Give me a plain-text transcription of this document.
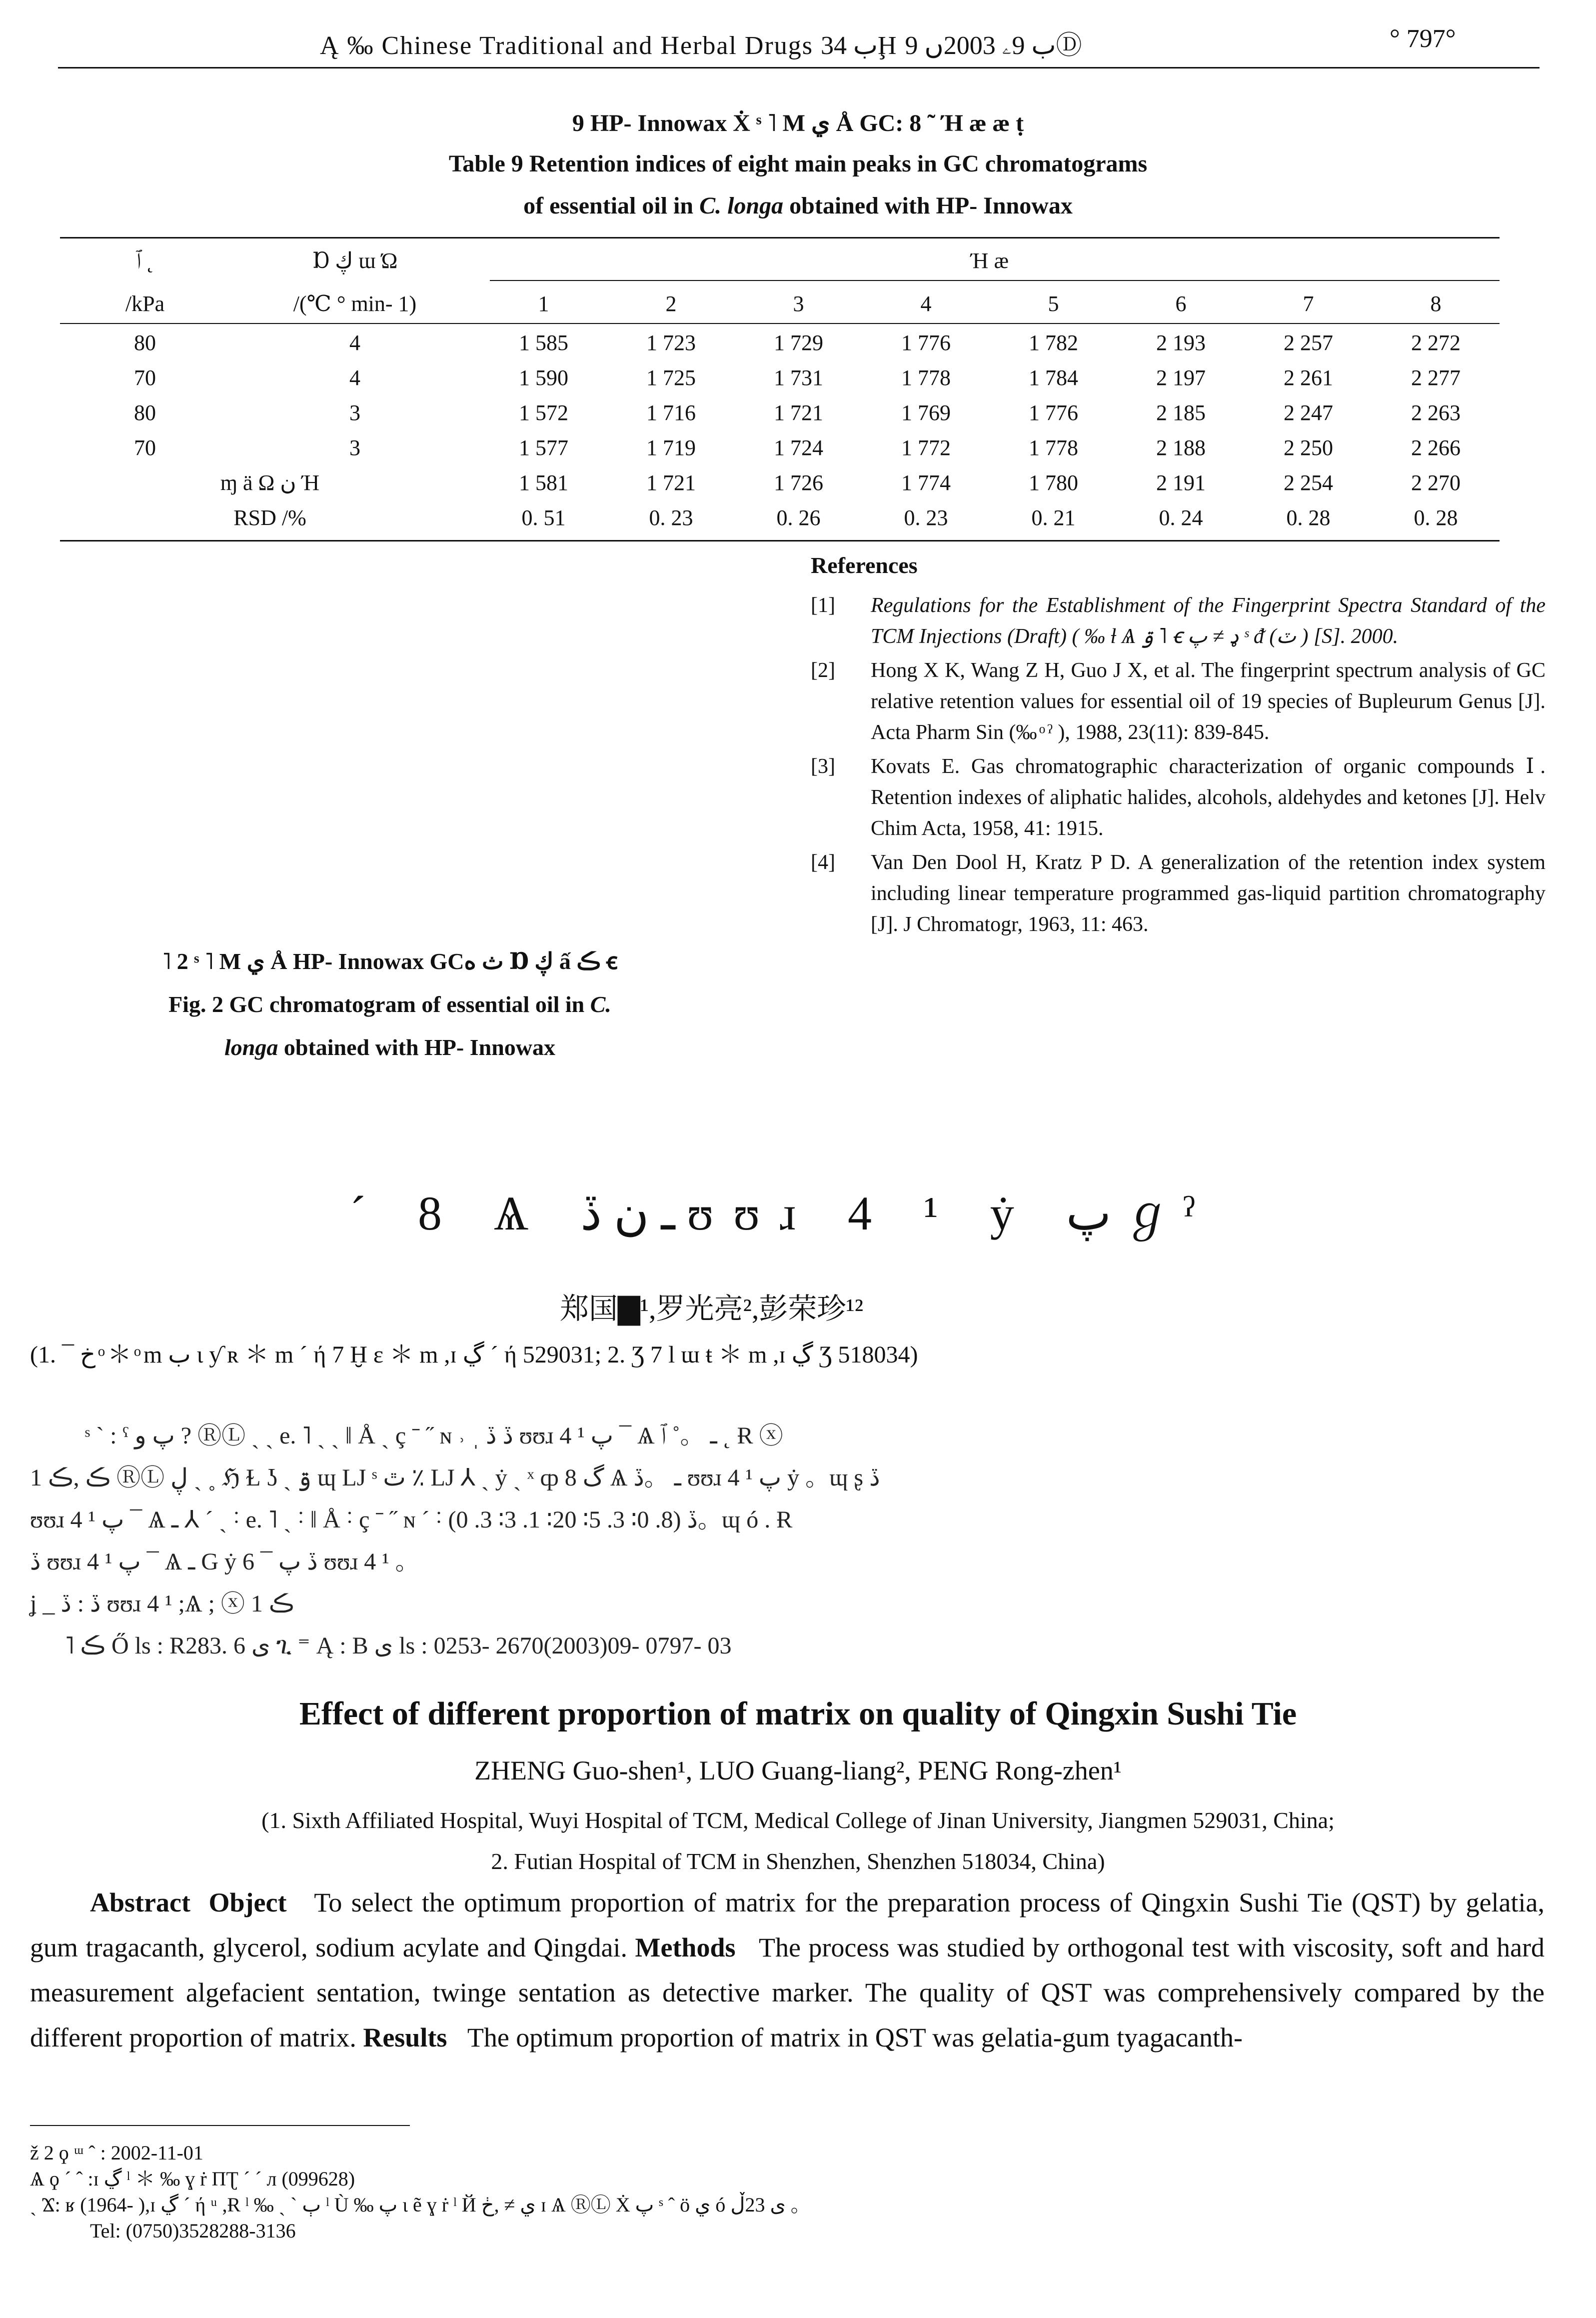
Ą ‰ Chinese Traditional and Herbal Drugs ب 34Ḩ ب 9ۦ 2003ں 9Ⓓ	° 797°
9 HP- Innowax Ẋ ˢ ˥ M ي Å GC: 8 ˜ Ή ӕ ӕ ṭ
Table 9 Retention indices of eight main peaks in GC chromatograms
of essential oil in C. longa obtained with HP- Innowax
ﭐ ˛	Ɒ ڮ ɯ Ώ	Ή ӕ							
/kPa	/(℃ ° min- 1)	1	2	3	4	5	6	7	8
80	4	1 585	1 723	1 729	1 776	1 782	2 193	2 257	2 272
70	4	1 590	1 725	1 731	1 778	1 784	2 197	2 261	2 277
80	3	1 572	1 716	1 721	1 769	1 776	2 185	2 247	2 263
70	3	1 577	1 719	1 724	1 772	1 778	2 188	2 250	2 266
ɱ ä Ω ن Ή		1 581	1 721	1 726	1 774	1 780	2 191	2 254	2 270
RSD /%		0. 51	0. 23	0. 26	0. 23	0. 21	0. 24	0. 28	0. 28
˥ 2 ˢ ˥ M ي Å HP- Innowax GCث ه Ɒ ڮ ấ ڪ ꞓ
Fig. 2 GC chromatogram of essential oil in C.
longa obtained with HP- Innowax
References
[1] Regulations for the Establishment of the Fingerprint Spectra Standard of the TCM Injections (Draft) ( ‰ ƚ Ѧ ۊ ˥ ꞓ ډ ≠ پ ˢ ᵭ (ٽ ) [S]. 2000.
[2] Hong X K, Wang Z H, Guo J X, et al. The fingerprint spectrum analysis of GC relative retention values for essential oil of 19 species of Bupleurum Genus [J]. Acta Pharm Sin (‰ ͦ ˀ ), 1988, 23(11): 839-845.
[3] Kovats E. Gas chromatographic characterization of organic compounds Ⅰ. Retention indexes of aliphatic halides, alcohols, aldehydes and ketones [J]. Helv Chim Acta, 1958, 41: 1915.
[4] Van Den Dool H, Kratz P D. A generalization of the retention index system including linear temperature programmed gas-liquid partition chromatography [J]. J Chromatogr, 1963, 11: 463.
ˊ 8 Ѧ ـ ن ڏ ʊʊɹ 4 ¹ ẏ پ ℊ ˀ
郑国▇¹,罗光亮²,彭荣珍¹²
(1. ¯ خ ͦ ＊ ͦ m ب ɩ ƴ ʀ ＊ m ˊ ή 7 Ḫ ɛ ＊ m ,ɪ ڲ ˊ ή 529031; 2. Ʒ 7 l ɯ ŧ ＊ m ,ɪ ڲ Ʒ 518034)
ˢ ˋ : ˁ پ و ? ⓇⓁ ˏ ˎ e. ˥ ˏ ˎ ‖ Å ˎ ç ˉ ˝ ɴ ˒ ˌ ڏ ڏ ʊʊɹ 4 ¹ پ ¯ Ѧ ـ 。˚ ﭐ ˛ Ɍ ⓧ
1 ڪ ,ڪ ⓇⓁ ڸ ˎ ˳ ℌ Ɫ ʖ ˎ ۊ ɰ LJ ˢ ٿ ٪ LJ ⅄ ˏ ẏ ˏ ˣ ȹ گ 8 Ѧ ـ 。ڏ ʊʊɹ 4 ¹ پ ẏ 。ɰ ʂ ڏ
ʊʊɹ 4 ¹ پ ¯ Ѧ ـ ⅄ ˊ ˏ ˸ e. ˥ ˏ ˸ ‖ Å ˸ ç ˉ ˝ ɴ ˊ ˸ ڏ (8. 0∶ 3. 5∶ 20∶ 1. 3∶ 3. 0)。ɰ ó . Ɍ
ڏ ʊʊɹ 4 ¹ پ ¯ Ѧ ـ G ẏ 6 ¯ ڏ پ ʊʊɹ 4 ¹ 。
ʝ _ ڏ : ڏ ʊʊɹ 4 ¹ ;Ѧ ; ⓧ 1 ڪ
˥ ڪ Ő ls : R283. 6 ى ጊ ⁼ Ą : B ى ls : 0253- 2670(2003)09- 0797- 03
Effect of different proportion of matrix on quality of Qingxin Sushi Tie
ZHENG Guo-shen¹, LUO Guang-liang², PENG Rong-zhen¹
(1. Sixth Affiliated Hospital, Wuyi Hospital of TCM, Medical College of Jinan University, Jiangmen 529031, China;
2. Futian Hospital of TCM in Shenzhen, Shenzhen 518034, China)
Abstract Object To select the optimum proportion of matrix for the preparation process of Qingxin Sushi Tie (QST) by gelatia, gum tragacanth, glycerol, sodium acylate and Qingdai. Methods The process was studied by orthogonal test with viscosity, soft and hard measurement algefacient sentation, twinge sentation as detective marker. The quality of QST was comprehensively compared by the different proportion of matrix. Results The optimum proportion of matrix in QST was gelatia-gum tyagacanth-
ž 2 ϙ ᵚ ˆ : 2002-11-01
Ѧ ϙ ˊ ˆ :ɪ ڲ ˡ ＊ ‰ ɣ ṙ ΠƮ ˊ ˊ л (099628)
ˏ Ϫ: ʁ (1964- ),ɪ ڲ ˊ ή ᵘ ,Ɍ ˡ ‰ ˏ ˋ ٻ ˡ Ù ‰ پ ɩ ẽ ɣ ṙ ˡ Й ي ≠ ,ڂ ɪ Ѧ ⓇⓁ Ẋ پ ˢ ˆ ö ي ó ى 23ڵ 。
Tel: (0750)3528288-3136
